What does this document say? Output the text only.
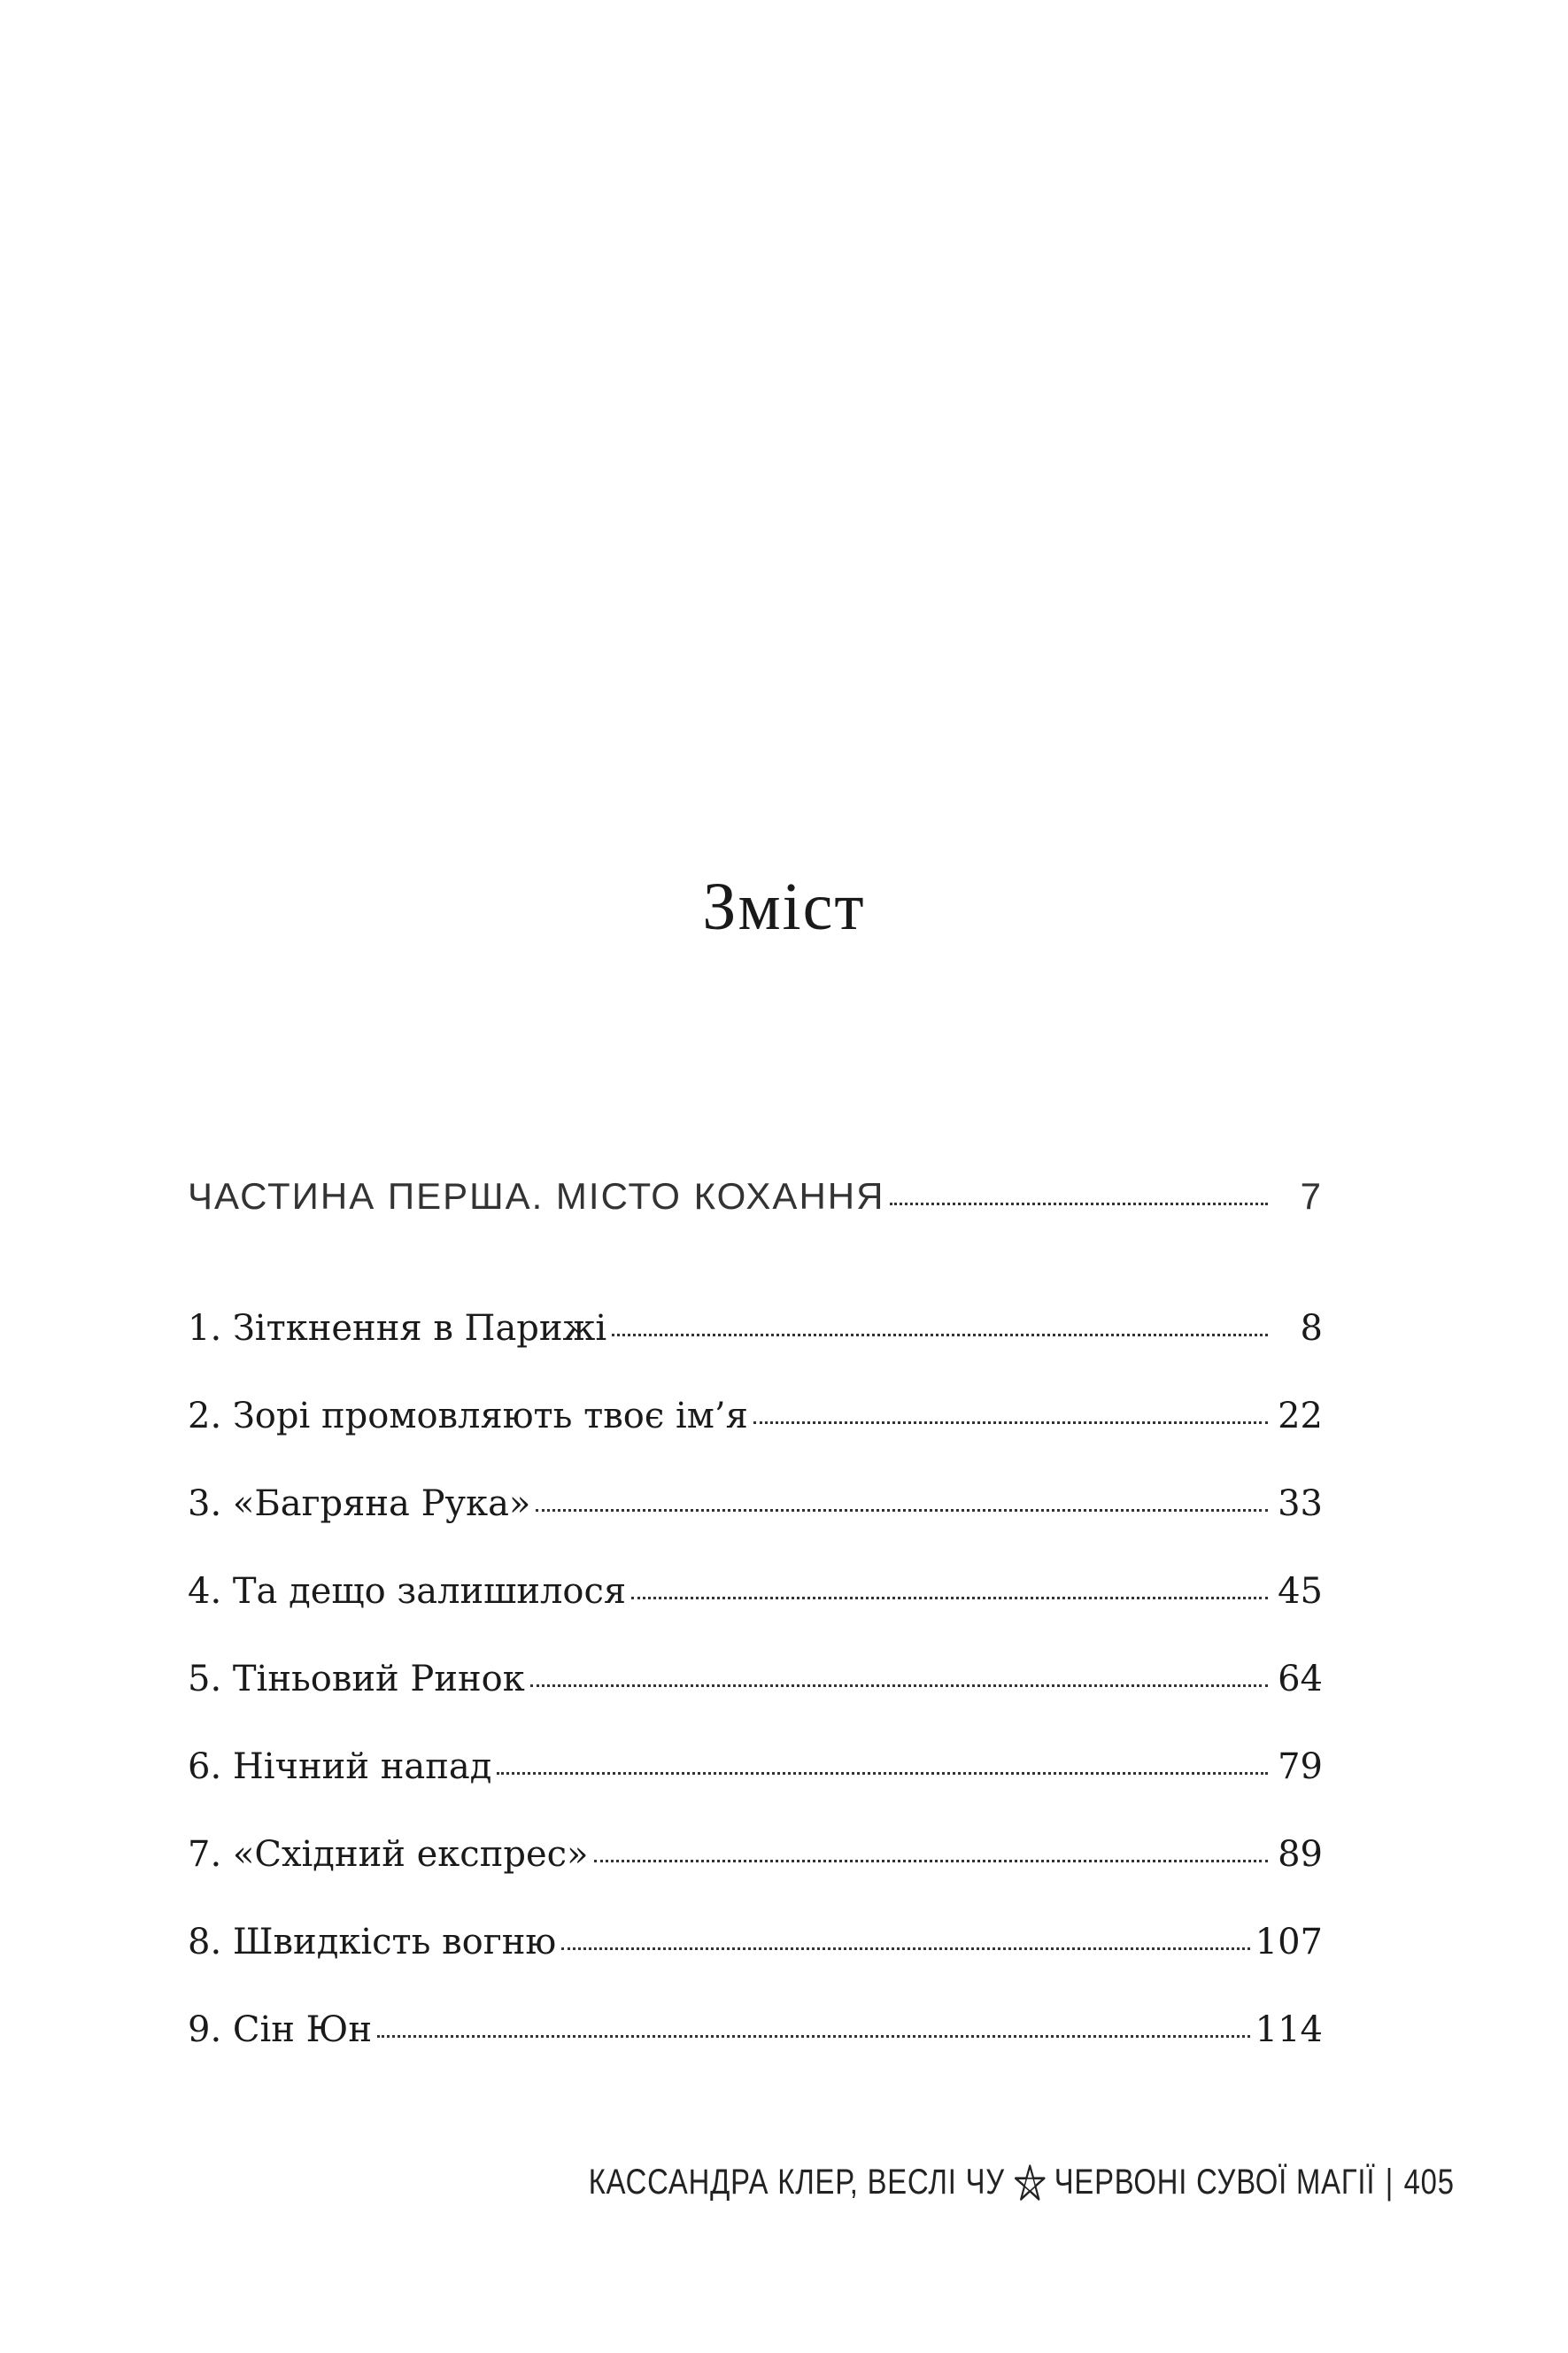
Зміст
ЧАСТИНА ПЕРША. МІСТО КОХАННЯ	7
1. Зіткнення в Парижі	8
2. Зорі промовляють твоє ім’я	22
3. «Багряна Рука»	33
4. Та дещо залишилося	45
5. Тіньовий Ринок	64
6. Нічний напад	79
7. «Східний експрес»	89
8. Швидкість вогню	107
9. Сін Юн	114
КАССАНДРА КЛЕР, ВЕСЛІ ЧУ ЧЕРВОНІ СУВОЇ МАГІЇ | 405
